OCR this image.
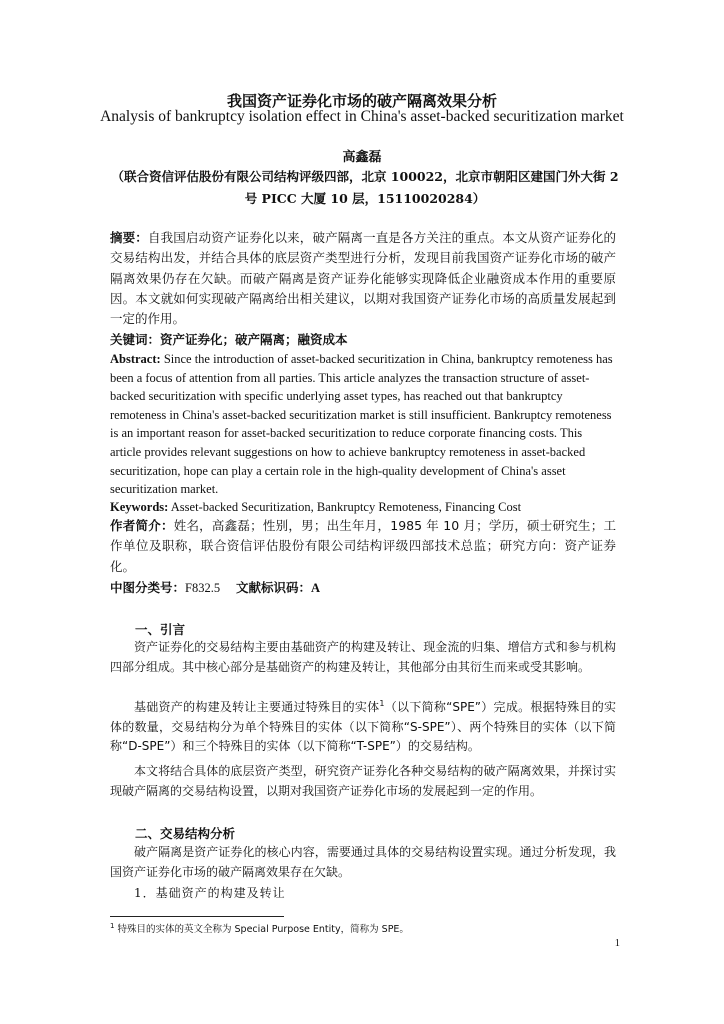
我国资产证券化市场的破产隔离效果分析
Analysis of bankruptcy isolation effect in China's asset-backed securitization market
高鑫磊
（联合资信评估股份有限公司结构评级四部，北京 100022，北京市朝阳区建国门外大街 2 号 PICC 大厦 10 层，15110020284）
摘要：自我国启动资产证券化以来，破产隔离一直是各方关注的重点。本文从资产证券化的交易结构出发，并结合具体的底层资产类型进行分析，发现目前我国资产证券化市场的破产隔离效果仍存在欠缺。而破产隔离是资产证券化能够实现降低企业融资成本作用的重要原因。本文就如何实现破产隔离给出相关建议，以期对我国资产证券化市场的高质量发展起到一定的作用。
关键词：资产证券化；破产隔离；融资成本
Abstract: Since the introduction of asset-backed securitization in China, bankruptcy remoteness has been a focus of attention from all parties. This article analyzes the transaction structure of asset-backed securitization with specific underlying asset types, has reached out that bankruptcy remoteness in China's asset-backed securitization market is still insufficient. Bankruptcy remoteness is an important reason for asset-backed securitization to reduce corporate financing costs. This article provides relevant suggestions on how to achieve bankruptcy remoteness in asset-backed securitization, hope can play a certain role in the high-quality development of China's asset securitization market.
Keywords: Asset-backed Securitization, Bankruptcy Remoteness, Financing Cost
作者简介：姓名，高鑫磊；性别，男；出生年月，1985 年 10 月；学历，硕士研究生；工作单位及职称，联合资信评估股份有限公司结构评级四部技术总监；研究方向：资产证券化。
中图分类号：F832.5 文献标识码：A
一、引言
资产证券化的交易结构主要由基础资产的构建及转让、现金流的归集、增信方式和参与机构四部分组成。其中核心部分是基础资产的构建及转让，其他部分由其衍生而来或受其影响。
基础资产的构建及转让主要通过特殊目的实体$^1$（以下简称“SPE”）完成。根据特殊目的实体的数量，交易结构分为单个特殊目的实体（以下简称“S-SPE”）、两个特殊目的实体（以下简称“D-SPE”）和三个特殊目的实体（以下简称“T-SPE”）的交易结构。
本文将结合具体的底层资产类型，研究资产证券化各种交易结构的破产隔离效果，并探讨实现破产隔离的交易结构设置，以期对我国资产证券化市场的发展起到一定的作用。
二、交易结构分析
破产隔离是资产证券化的核心内容，需要通过具体的交易结构设置实现。通过分析发现，我国资产证券化市场的破产隔离效果存在欠缺。
1．基础资产的构建及转让
$^1$ 特殊目的实体的英文全称为 Special Purpose Entity，简称为 SPE。
1
